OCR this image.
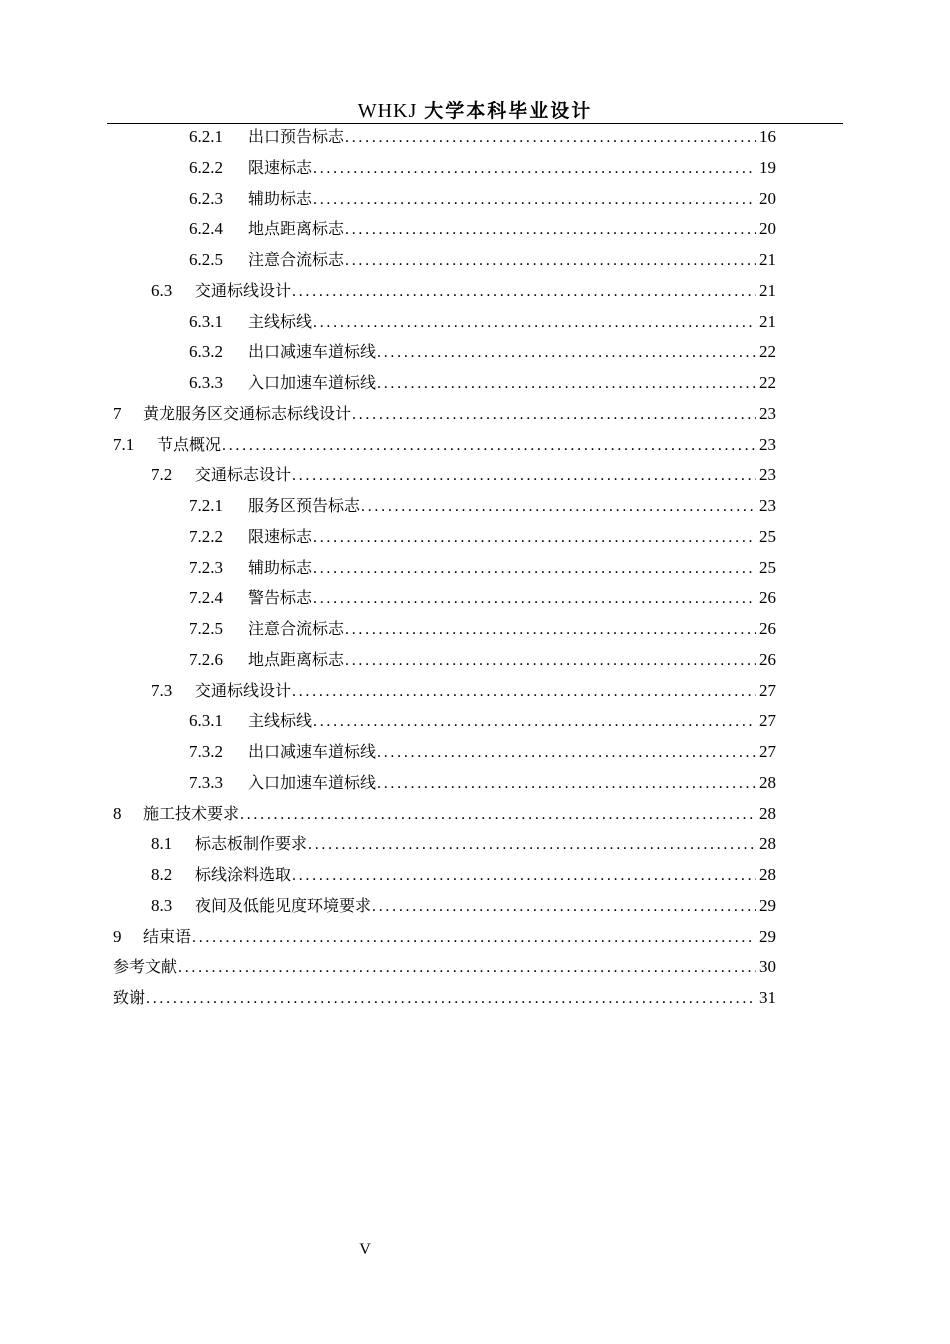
WHKJ 大学本科毕业设计
6.2.1	出口预告标志 . . .	16
6.2.2	限速标志 . . .	19
6.2.3	辅助标志 . . .	20
6.2.4	地点距离标志 . . .	20
6.2.5	注意合流标志 . . .	21
6.3	交通标线设计 . . .	21
6.3.1	主线标线 . . .	21
6.3.2	出口减速车道标线 . . .	22
6.3.3	入口加速车道标线 . . .	22
7	黄龙服务区交通标志标线设计 . . .	23
7.1	节点概况 . . .	23
7.2	交通标志设计 . . .	23
7.2.1	服务区预告标志 . . .	23
7.2.2	限速标志 . . .	25
7.2.3	辅助标志 . . .	25
7.2.4	警告标志 . . .	26
7.2.5	注意合流标志 . . .	26
7.2.6	地点距离标志 . . .	26
7.3	交通标线设计 . . .	27
6.3.1	主线标线 . . .	27
7.3.2	出口减速车道标线 . . .	27
7.3.3	入口加速车道标线 . . .	28
8	施工技术要求 . . .	28
8.1	标志板制作要求 . . .	28
8.2	标线涂料选取 . . .	28
8.3	夜间及低能见度环境要求 . . .	29
9	结束语 . . .	29
参考文献 . . .	30
致谢 . . .	31
V
